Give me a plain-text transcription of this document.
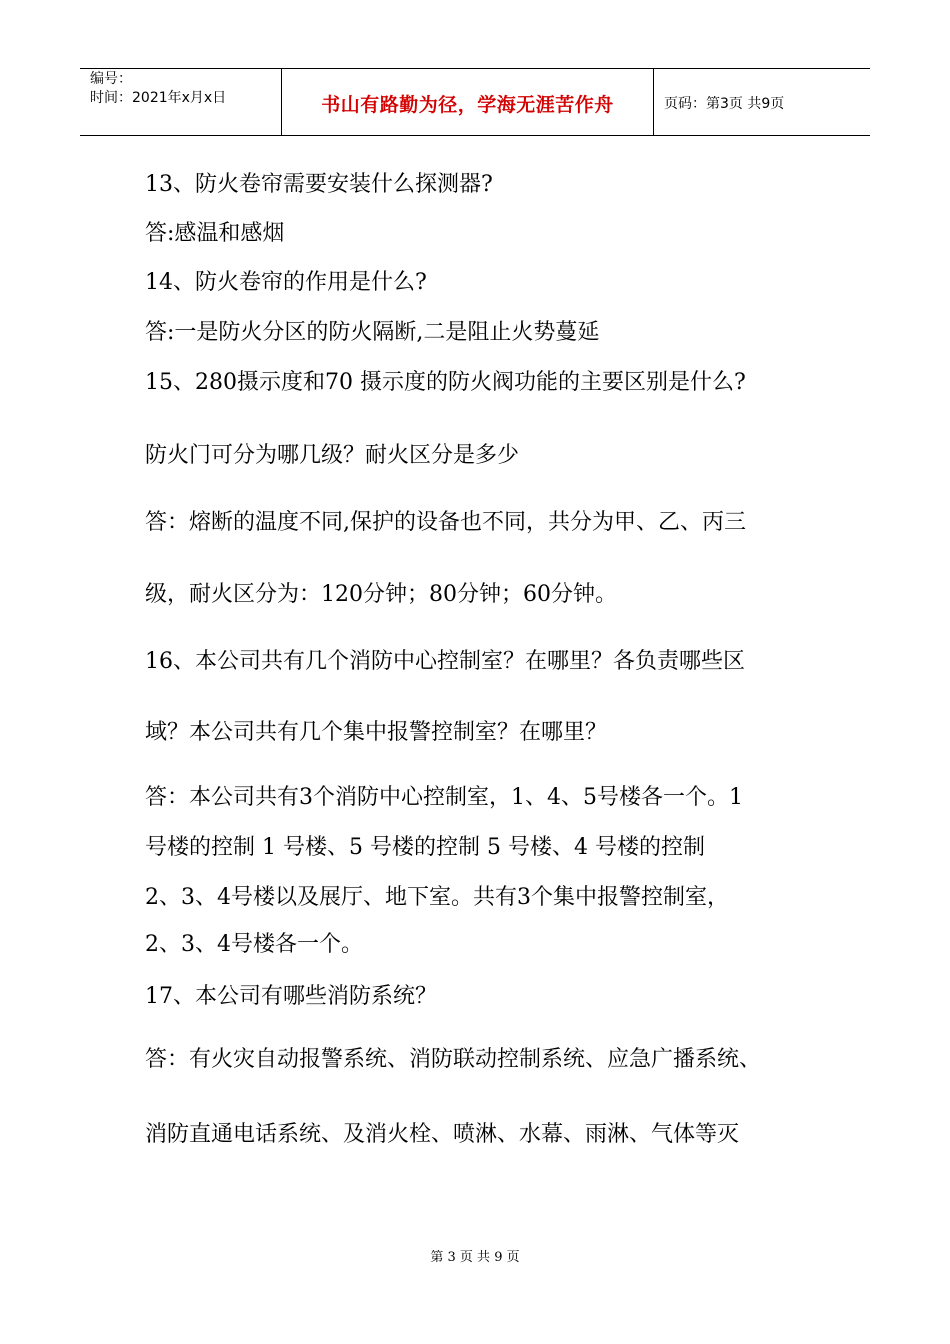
编号：
时间：2021年x月x日	书山有路勤为径，学海无涯苦作舟	页码：第3页 共9页

13、防火卷帘需要安装什么探测器?

答:感温和感烟

14、防火卷帘的作用是什么?

答:一是防火分区的防火隔断,二是阻止火势蔓延

15、280摄示度和70 摄示度的防火阀功能的主要区别是什么?

防火门可分为哪几级？耐火区分是多少

答：熔断的温度不同,保护的设备也不同，共分为甲、乙、丙三

级，耐火区分为：120分钟；80分钟；60分钟。

16、本公司共有几个消防中心控制室？在哪里？各负责哪些区

域？本公司共有几个集中报警控制室？在哪里？

答：本公司共有3个消防中心控制室，1、4、5号楼各一个。1

号楼的控制 1 号楼、5 号楼的控制 5 号楼、4 号楼的控制

2、3、4号楼以及展厅、地下室。共有3个集中报警控制室，

2、3、4号楼各一个。

17、本公司有哪些消防系统？

答：有火灾自动报警系统、消防联动控制系统、应急广播系统、

消防直通电话系统、及消火栓、喷淋、水幕、雨淋、气体等灭

第 3 页 共 9 页
